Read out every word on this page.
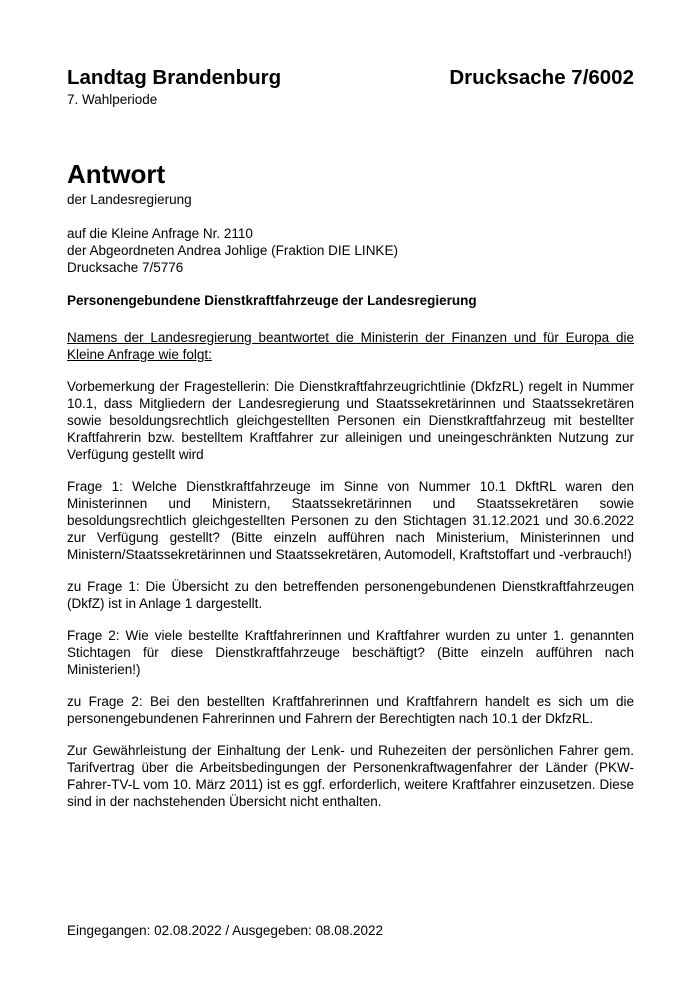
Landtag Brandenburg	Drucksache 7/6002
7. Wahlperiode
Antwort
der Landesregierung
auf die Kleine Anfrage Nr. 2110
der Abgeordneten Andrea Johlige (Fraktion DIE LINKE)
Drucksache 7/5776
Personengebundene Dienstkraftfahrzeuge der Landesregierung

Namens der Landesregierung beantwortet die Ministerin der Finanzen und für Europa die Kleine Anfrage wie folgt:

Vorbemerkung der Fragestellerin: Die Dienstkraftfahrzeugrichtlinie (DkfzRL) regelt in Nummer 10.1, dass Mitgliedern der Landesregierung und Staatssekretärinnen und Staatssekretären sowie besoldungsrechtlich gleichgestellten Personen ein Dienstkraftfahrzeug mit bestellter Kraftfahrerin bzw. bestelltem Kraftfahrer zur alleinigen und uneingeschränkten Nutzung zur Verfügung gestellt wird

Frage 1: Welche Dienstkraftfahrzeuge im Sinne von Nummer 10.1 DkftRL waren den Ministerinnen und Ministern, Staatssekretärinnen und Staatssekretären sowie besoldungsrechtlich gleichgestellten Personen zu den Stichtagen 31.12.2021 und 30.6.2022 zur Verfügung gestellt? (Bitte einzeln aufführen nach Ministerium, Ministerinnen und Ministern/Staatssekretärinnen und Staatssekretären, Automodell, Kraftstoffart und -verbrauch!)

zu Frage 1: Die Übersicht zu den betreffenden personengebundenen Dienstkraftfahrzeugen (DkfZ) ist in Anlage 1 dargestellt.

Frage 2: Wie viele bestellte Kraftfahrerinnen und Kraftfahrer wurden zu unter 1. genannten Stichtagen für diese Dienstkraftfahrzeuge beschäftigt? (Bitte einzeln aufführen nach Ministerien!)

zu Frage 2: Bei den bestellten Kraftfahrerinnen und Kraftfahrern handelt es sich um die personengebundenen Fahrerinnen und Fahrern der Berechtigten nach 10.1 der DkfzRL.

Zur Gewährleistung der Einhaltung der Lenk- und Ruhezeiten der persönlichen Fahrer gem. Tarifvertrag über die Arbeitsbedingungen der Personenkraftwagenfahrer der Länder (PKW-Fahrer-TV-L vom 10. März 2011) ist es ggf. erforderlich, weitere Kraftfahrer einzusetzen. Diese sind in der nachstehenden Übersicht nicht enthalten.

Eingegangen: 02.08.2022 / Ausgegeben: 08.08.2022
